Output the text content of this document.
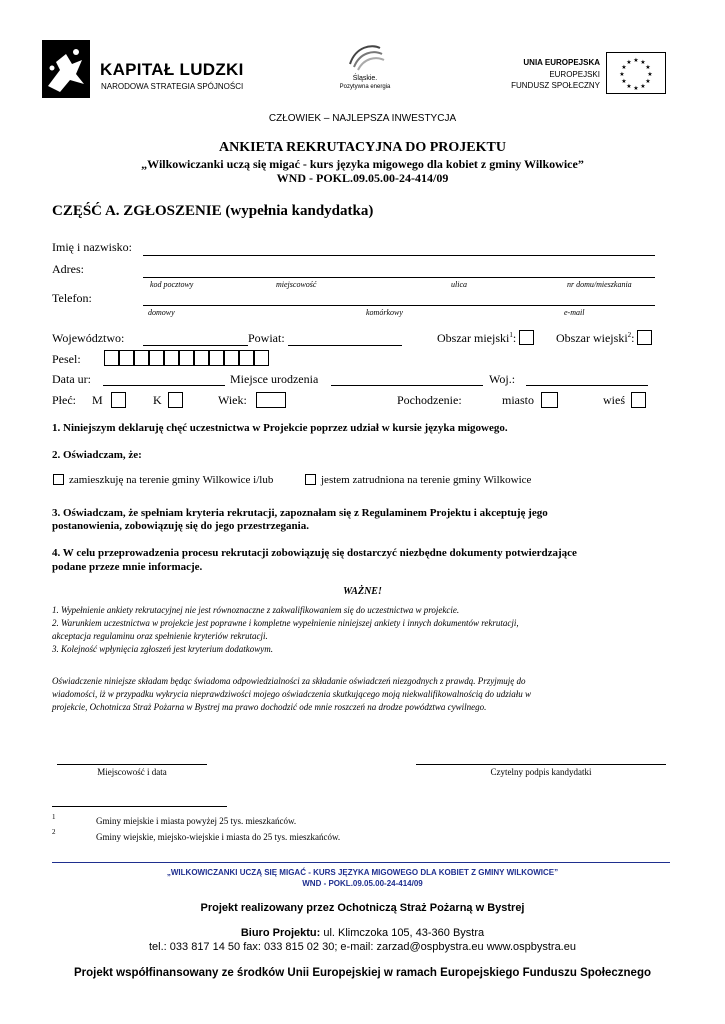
KAPITAŁ LUDZKI
NARODOWA STRATEGIA SPÓJNOŚCI
Śląskie.
Pozytywna energia
UNIA EUROPEJSKA
EUROPEJSKI
FUNDUSZ SPOŁECZNY
★ ★
★
★
★
★
★
★
★
★
★
★
CZŁOWIEK – NAJLEPSZA INWESTYCJA
ANKIETA REKRUTACYJNA DO PROJEKTU
„Wilkowiczanki uczą się migać - kurs języka migowego dla kobiet z gminy Wilkowice”
WND - POKL.09.05.00-24-414/09
CZĘŚĆ A. ZGŁOSZENIE (wypełnia kandydatka)
Imię i nazwisko:
Adres:
kod pocztowy	miejscowość	ulica	nr domu/mieszkania
Telefon:
domowy	komórkowy	e-mail
Województwo:	Powiat:	Obszar miejski$^1$:	Obszar wiejski$^2$:
Pesel:
Data ur:	Miejsce urodzenia	Woj.:
Płeć: M	K	Wiek:	Pochodzenie:	miasto	wieś
1. Niniejszym deklaruję chęć uczestnictwa w Projekcie poprzez udział w kursie języka migowego.
2. Oświadczam, że:
zamieszkuję na terenie gminy Wilkowice i/lub	jestem zatrudniona na terenie gminy Wilkowice
3. Oświadczam, że spełniam kryteria rekrutacji, zapoznałam się z Regulaminem Projektu i akceptuję jego
postanowienia, zobowiązuję się do jego przestrzegania.
4. W celu przeprowadzenia procesu rekrutacji zobowiązuję się dostarczyć niezbędne dokumenty potwierdzające
podane przeze mnie informacje.
WAŻNE!
1. Wypełnienie ankiety rekrutacyjnej nie jest równoznaczne z zakwalifikowaniem się do uczestnictwa w projekcie.
2. Warunkiem uczestnictwa w projekcie jest poprawne i kompletne wypełnienie niniejszej ankiety i innych dokumentów rekrutacji,
akceptacja regulaminu oraz spełnienie kryteriów rekrutacji.
3. Kolejność wpłynięcia zgłoszeń jest kryterium dodatkowym.
Oświadczenie niniejsze składam będąc świadoma odpowiedzialności za składanie oświadczeń niezgodnych z prawdą. Przyjmuję do
wiadomości, iż w przypadku wykrycia nieprawdziwości mojego oświadczenia skutkującego moją niekwalifikowalnością do udziału w
projekcie, Ochotnicza Straż Pożarna w Bystrej ma prawo dochodzić ode mnie roszczeń na drodze powództwa cywilnego.
Miejscowość i data	Czytelny podpis kandydatki
1	Gminy miejskie i miasta powyżej 25 tys. mieszkańców.
2	Gminy wiejskie, miejsko-wiejskie i miasta do 25 tys. mieszkańców.
„WILKOWICZANKI UCZĄ SIĘ MIGAĆ - KURS JĘZYKA MIGOWEGO DLA KOBIET Z GMINY WILKOWICE”
WND - POKL.09.05.00-24-414/09
Projekt realizowany przez Ochotniczą Straż Pożarną w Bystrej
Biuro Projektu: ul. Klimczoka 105, 43-360 Bystra
tel.: 033 817 14 50 fax: 033 815 02 30; e-mail: zarzad@ospbystra.eu www.ospbystra.eu
Projekt współfinansowany ze środków Unii Europejskiej w ramach Europejskiego Funduszu Społecznego
